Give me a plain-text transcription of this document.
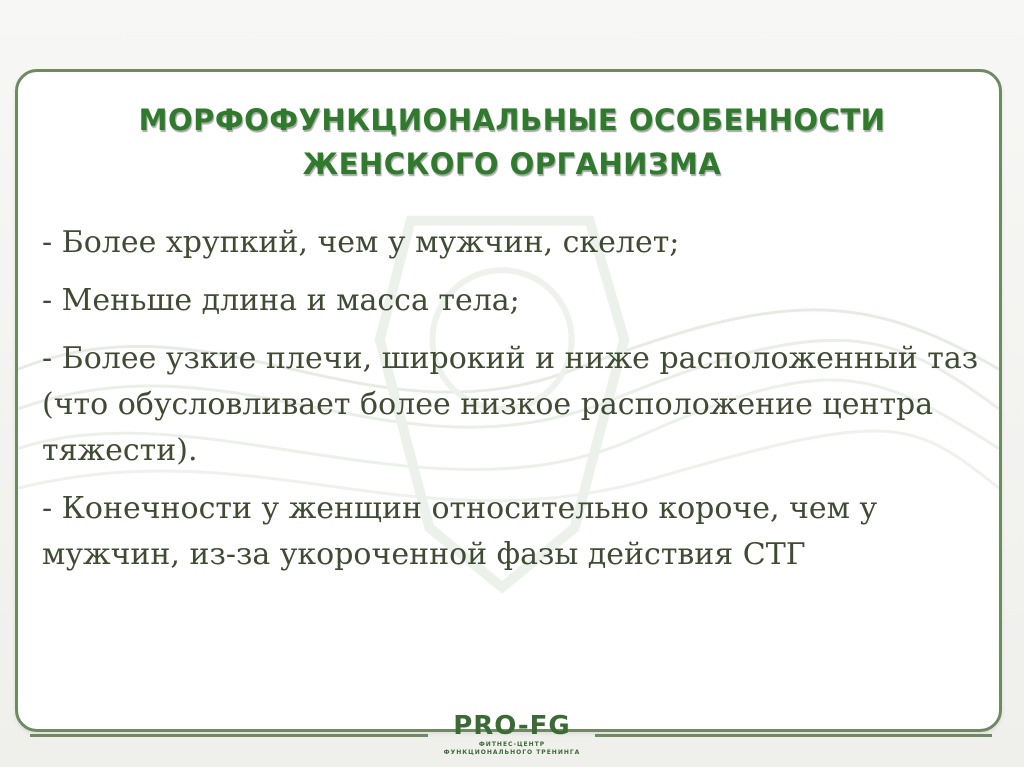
МОРФОФУНКЦИОНАЛЬНЫЕ ОСОБЕННОСТИ
ЖЕНСКОГО ОРГАНИЗМА
- Более хрупкий, чем у мужчин, скелет;
- Меньше длина и масса тела;
- Более узкие плечи, широкий и ниже расположенный таз (что обусловливает более низкое расположение центра тяжести).
- Конечности у женщин относительно короче, чем у мужчин, из-за укороченной фазы действия СТГ
PRO-FG
ФИТНЕС-ЦЕНТР ФУНКЦИОНАЛЬНОГО ТРЕНИНГА
